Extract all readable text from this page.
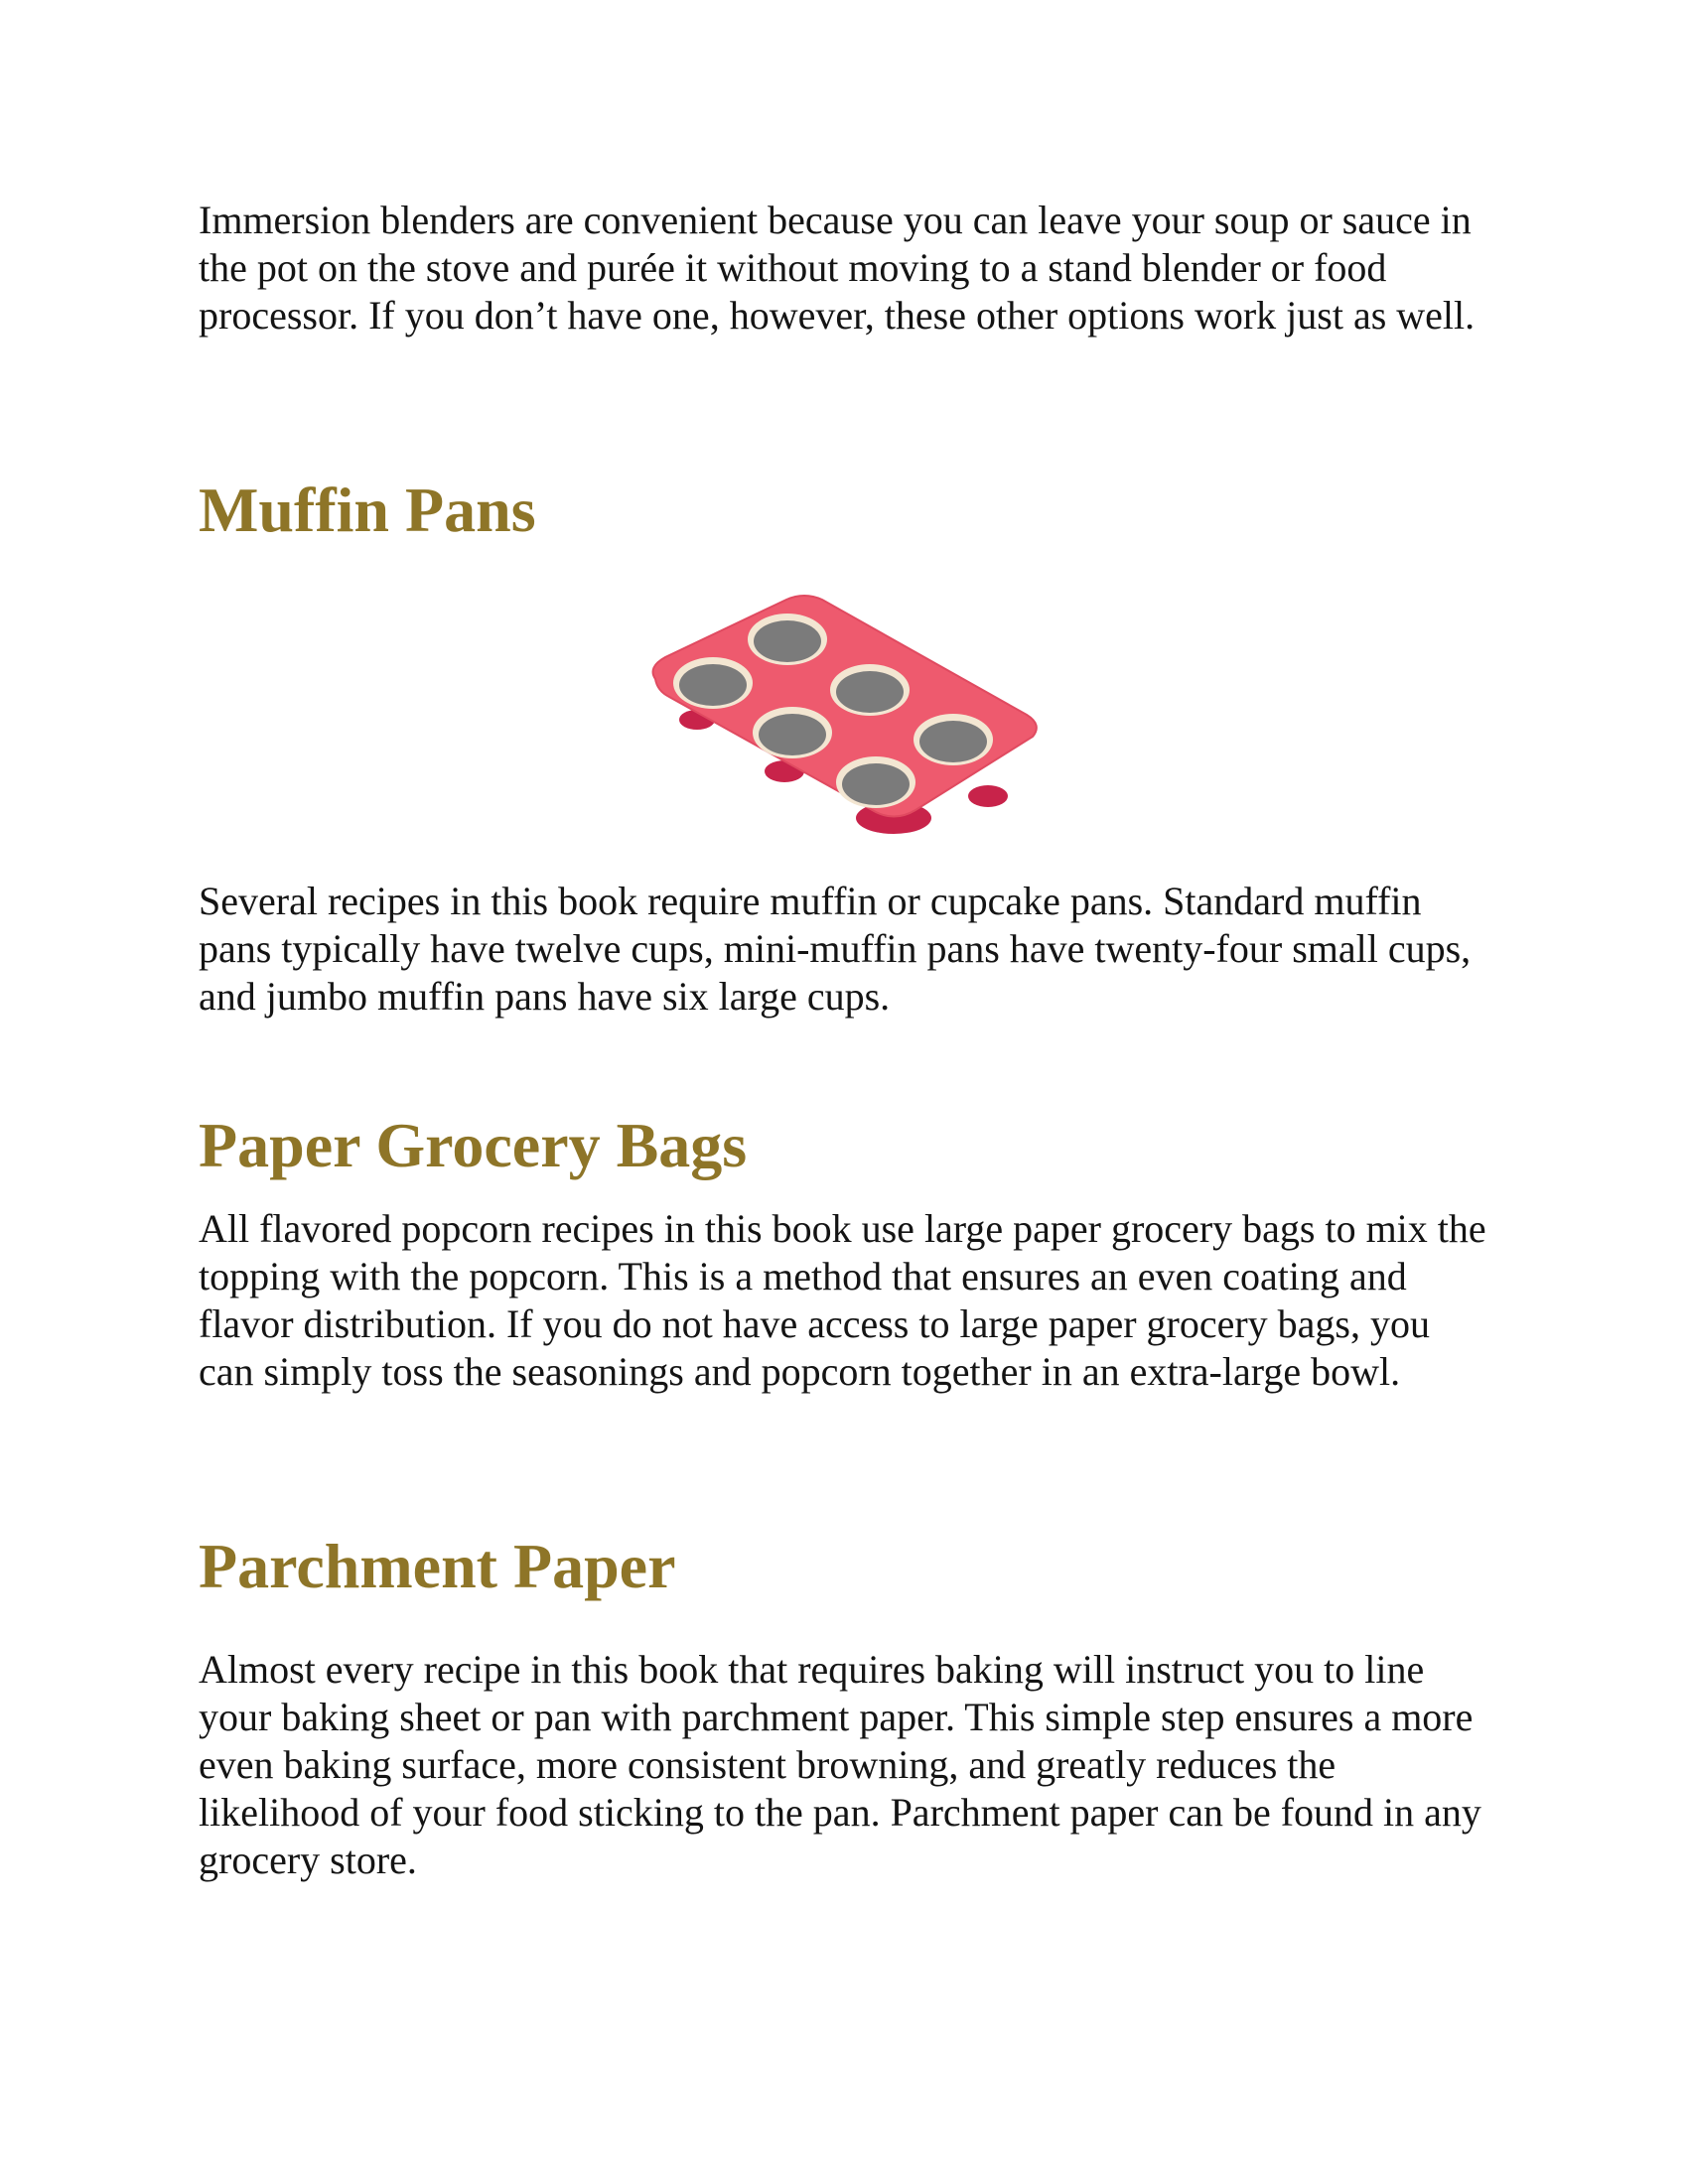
Immersion blenders are convenient because you can leave your soup or sauce in the pot on the stove and purée it without moving to a stand blender or food processor. If you don’t have one, however, these other options work just as well.

Muffin Pans

Several recipes in this book require muffin or cupcake pans. Standard muffin pans typically have twelve cups, mini-muffin pans have twenty-four small cups, and jumbo muffin pans have six large cups.

Paper Grocery Bags

All flavored popcorn recipes in this book use large paper grocery bags to mix the topping with the popcorn. This is a method that ensures an even coating and flavor distribution. If you do not have access to large paper grocery bags, you can simply toss the seasonings and popcorn together in an extra-large bowl.

Parchment Paper

Almost every recipe in this book that requires baking will instruct you to line your baking sheet or pan with parchment paper. This simple step ensures a more even baking surface, more consistent browning, and greatly reduces the likelihood of your food sticking to the pan. Parchment paper can be found in any grocery store.
